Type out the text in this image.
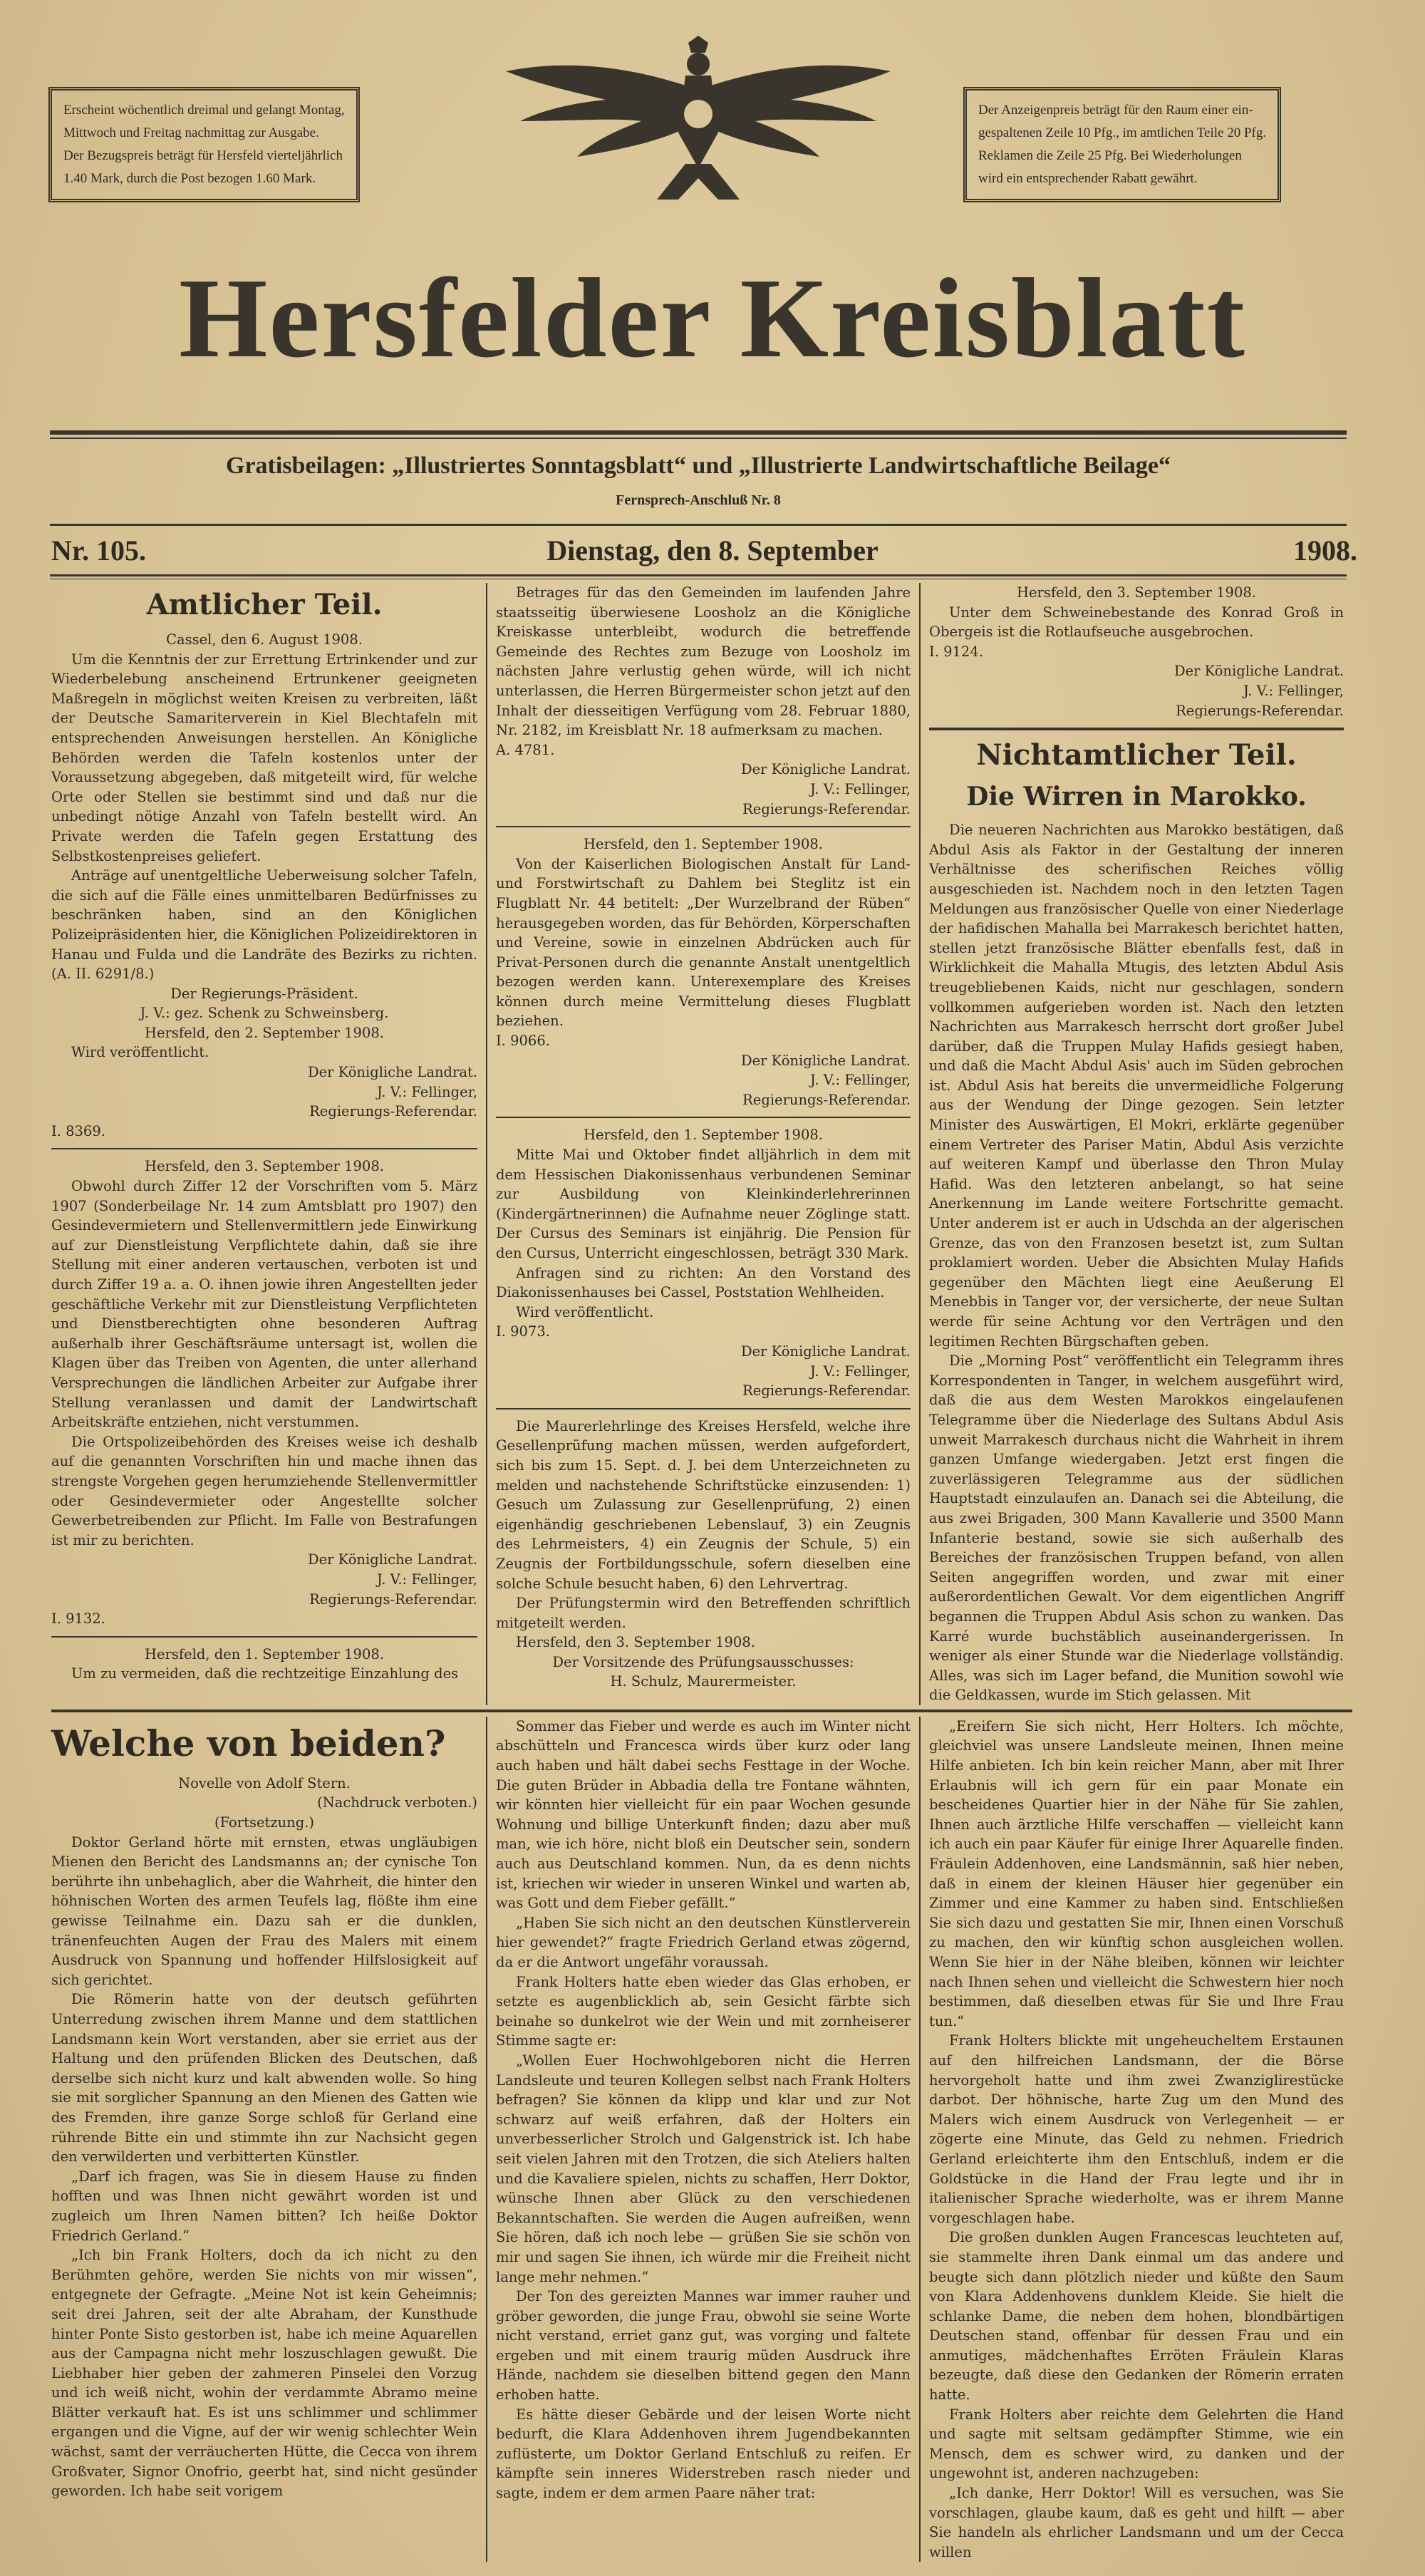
Erscheint wöchentlich dreimal und gelangt Montag,
Mittwoch und Freitag nachmittag zur Ausgabe.
Der Bezugspreis beträgt für Hersfeld vierteljährlich
1.40 Mark, durch die Post bezogen 1.60 Mark.
Der Anzeigenpreis beträgt für den Raum einer ein-
gespaltenen Zeile 10 Pfg., im amtlichen Teile 20 Pfg.
Reklamen die Zeile 25 Pfg. Bei Wiederholungen
wird ein entsprechender Rabatt gewährt.
Hersfelder Kreisblatt
Gratisbeilagen: „Illustriertes Sonntagsblatt“ und „Illustrierte Landwirtschaftliche Beilage“
Fernsprech-Anschluß Nr. 8
Nr. 105.	Dienstag, den 8. September	1908.
Amtlicher Teil.

Cassel, den 6. August 1908.

Um die Kenntnis der zur Errettung Ertrinkender und zur Wiederbelebung anscheinend Ertrunkener geeigneten Maßregeln in möglichst weiten Kreisen zu verbreiten, läßt der Deutsche Samariterverein in Kiel Blechtafeln mit entsprechenden Anweisungen herstellen. An Königliche Behörden werden die Tafeln kostenlos unter der Voraussetzung abgegeben, daß mitgeteilt wird, für welche Orte oder Stellen sie bestimmt sind und daß nur die unbedingt nötige Anzahl von Tafeln bestellt wird. An Private werden die Tafeln gegen Erstattung des Selbstkostenpreises geliefert.

Anträge auf unentgeltliche Ueberweisung solcher Tafeln, die sich auf die Fälle eines unmittelbaren Bedürfnisses zu beschränken haben, sind an den Königlichen Polizeipräsidenten hier, die Königlichen Polizeidirektoren in Hanau und Fulda und die Landräte des Bezirks zu richten. (A. II. 6291/8.)

Der Regierungs-Präsident.

J. V.: gez. Schenk zu Schweinsberg.

Hersfeld, den 2. September 1908.

Wird veröffentlicht.

Der Königliche Landrat.

J. V.: Fellinger,

Regierungs-Referendar.

I. 8369.

Hersfeld, den 3. September 1908.

Obwohl durch Ziffer 12 der Vorschriften vom 5. März 1907 (Sonderbeilage Nr. 14 zum Amtsblatt pro 1907) den Gesindevermietern und Stellenvermittlern jede Einwirkung auf zur Dienstleistung Verpflichtete dahin, daß sie ihre Stellung mit einer anderen vertauschen, verboten ist und durch Ziffer 19 a. a. O. ihnen jowie ihren Angestellten jeder geschäftliche Verkehr mit zur Dienstleistung Verpflichteten und Dienstberechtigten ohne besonderen Auftrag außerhalb ihrer Geschäftsräume untersagt ist, wollen die Klagen über das Treiben von Agenten, die unter allerhand Versprechungen die ländlichen Arbeiter zur Aufgabe ihrer Stellung veranlassen und damit der Landwirtschaft Arbeitskräfte entziehen, nicht verstummen.

Die Ortspolizeibehörden des Kreises weise ich deshalb auf die genannten Vorschriften hin und mache ihnen das strengste Vorgehen gegen herumziehende Stellenvermittler oder Gesindevermieter oder Angestellte solcher Gewerbetreibenden zur Pflicht. Im Falle von Bestrafungen ist mir zu berichten.

Der Königliche Landrat.

J. V.: Fellinger,

Regierungs-Referendar.

I. 9132.

Hersfeld, den 1. September 1908.

Um zu vermeiden, daß die rechtzeitige Einzahlung des

Betrages für das den Gemeinden im laufenden Jahre staatsseitig überwiesene Loosholz an die Königliche Kreiskasse unterbleibt, wodurch die betreffende Gemeinde des Rechtes zum Bezuge von Loosholz im nächsten Jahre verlustig gehen würde, will ich nicht unterlassen, die Herren Bürgermeister schon jetzt auf den Inhalt der diesseitigen Verfügung vom 28. Februar 1880, Nr. 2182, im Kreisblatt Nr. 18 aufmerksam zu machen.

A. 4781.

Der Königliche Landrat.

J. V.: Fellinger,

Regierungs-Referendar.

Hersfeld, den 1. September 1908.

Von der Kaiserlichen Biologischen Anstalt für Land- und Forstwirtschaft zu Dahlem bei Steglitz ist ein Flugblatt Nr. 44 betitelt: „Der Wurzelbrand der Rüben“ herausgegeben worden, das für Behörden, Körperschaften und Vereine, sowie in einzelnen Abdrücken auch für Privat-Personen durch die genannte Anstalt unentgeltlich bezogen werden kann. Unterexemplare des Kreises können durch meine Vermittelung dieses Flugblatt beziehen.

I. 9066.

Der Königliche Landrat.

J. V.: Fellinger,

Regierungs-Referendar.

Hersfeld, den 1. September 1908.

Mitte Mai und Oktober findet alljährlich in dem mit dem Hessischen Diakonissenhaus verbundenen Seminar zur Ausbildung von Kleinkinderlehrerinnen (Kindergärtnerinnen) die Aufnahme neuer Zöglinge statt. Der Cursus des Seminars ist einjährig. Die Pension für den Cursus, Unterricht eingeschlossen, beträgt 330 Mark.

Anfragen sind zu richten: An den Vorstand des Diakonissenhauses bei Cassel, Poststation Wehlheiden.

Wird veröffentlicht.

I. 9073.

Der Königliche Landrat.

J. V.: Fellinger,

Regierungs-Referendar.

Die Maurerlehrlinge des Kreises Hersfeld, welche ihre Gesellenprüfung machen müssen, werden aufgefordert, sich bis zum 15. Sept. d. J. bei dem Unterzeichneten zu melden und nachstehende Schriftstücke einzusenden: 1) Gesuch um Zulassung zur Gesellenprüfung, 2) einen eigenhändig geschriebenen Lebenslauf, 3) ein Zeugnis des Lehrmeisters, 4) ein Zeugnis der Schule, 5) ein Zeugnis der Fortbildungsschule, sofern dieselben eine solche Schule besucht haben, 6) den Lehrvertrag.

Der Prüfungstermin wird den Betreffenden schriftlich mitgeteilt werden.

Hersfeld, den 3. September 1908.

Der Vorsitzende des Prüfungsausschusses:

H. Schulz, Maurermeister.

Hersfeld, den 3. September 1908.

Unter dem Schweinebestande des Konrad Groß in Obergeis ist die Rotlaufseuche ausgebrochen.

I. 9124.

Der Königliche Landrat.

J. V.: Fellinger,

Regierungs-Referendar.

Nichtamtlicher Teil.
Die Wirren in Marokko.

Die neueren Nachrichten aus Marokko bestätigen, daß Abdul Asis als Faktor in der Gestaltung der inneren Verhältnisse des scherifischen Reiches völlig ausgeschieden ist. Nachdem noch in den letzten Tagen Meldungen aus französischer Quelle von einer Niederlage der hafidischen Mahalla bei Marrakesch berichtet hatten, stellen jetzt französische Blätter ebenfalls fest, daß in Wirklichkeit die Mahalla Mtugis, des letzten Abdul Asis treugebliebenen Kaids, nicht nur geschlagen, sondern vollkommen aufgerieben worden ist. Nach den letzten Nachrichten aus Marrakesch herrscht dort großer Jubel darüber, daß die Truppen Mulay Hafids gesiegt haben, und daß die Macht Abdul Asis' auch im Süden gebrochen ist. Abdul Asis hat bereits die unvermeidliche Folgerung aus der Wendung der Dinge gezogen. Sein letzter Minister des Auswärtigen, El Mokri, erklärte gegenüber einem Vertreter des Pariser Matin, Abdul Asis verzichte auf weiteren Kampf und überlasse den Thron Mulay Hafid. Was den letzteren anbelangt, so hat seine Anerkennung im Lande weitere Fortschritte gemacht. Unter anderem ist er auch in Udschda an der algerischen Grenze, das von den Franzosen besetzt ist, zum Sultan proklamiert worden. Ueber die Absichten Mulay Hafids gegenüber den Mächten liegt eine Aeußerung El Menebbis in Tanger vor, der versicherte, der neue Sultan werde für seine Achtung vor den Verträgen und den legitimen Rechten Bürgschaften geben.

Die „Morning Post“ veröffentlicht ein Telegramm ihres Korrespondenten in Tanger, in welchem ausgeführt wird, daß die aus dem Westen Marokkos eingelaufenen Telegramme über die Niederlage des Sultans Abdul Asis unweit Marrakesch durchaus nicht die Wahrheit in ihrem ganzen Umfange wiedergaben. Jetzt erst fingen die zuverlässigeren Telegramme aus der südlichen Hauptstadt einzulaufen an. Danach sei die Abteilung, die aus zwei Brigaden, 300 Mann Kavallerie und 3500 Mann Infanterie bestand, sowie sie sich außerhalb des Bereiches der französischen Truppen befand, von allen Seiten angegriffen worden, und zwar mit einer außerordentlichen Gewalt. Vor dem eigentlichen Angriff begannen die Truppen Abdul Asis schon zu wanken. Das Karré wurde buchstäblich auseinandergerissen. In weniger als einer Stunde war die Niederlage vollständig. Alles, was sich im Lager befand, die Munition sowohl wie die Geldkassen, wurde im Stich gelassen. Mit

Welche von beiden?

Novelle von Adolf Stern.

(Nachdruck verboten.)

(Fortsetzung.)

Doktor Gerland hörte mit ernsten, etwas ungläubigen Mienen den Bericht des Landsmanns an; der cynische Ton berührte ihn unbehaglich, aber die Wahrheit, die hinter den höhnischen Worten des armen Teufels lag, flößte ihm eine gewisse Teilnahme ein. Dazu sah er die dunklen, tränenfeuchten Augen der Frau des Malers mit einem Ausdruck von Spannung und hoffender Hilfslosigkeit auf sich gerichtet.

Die Römerin hatte von der deutsch geführten Unterredung zwischen ihrem Manne und dem stattlichen Landsmann kein Wort verstanden, aber sie erriet aus der Haltung und den prüfenden Blicken des Deutschen, daß derselbe sich nicht kurz und kalt abwenden wolle. So hing sie mit sorglicher Spannung an den Mienen des Gatten wie des Fremden, ihre ganze Sorge schloß für Gerland eine rührende Bitte ein und stimmte ihn zur Nachsicht gegen den verwilderten und verbitterten Künstler.

„Darf ich fragen, was Sie in diesem Hause zu finden hofften und was Ihnen nicht gewährt worden ist und zugleich um Ihren Namen bitten? Ich heiße Doktor Friedrich Gerland.“

„Ich bin Frank Holters, doch da ich nicht zu den Berühmten gehöre, werden Sie nichts von mir wissen“, entgegnete der Gefragte. „Meine Not ist kein Geheimnis; seit drei Jahren, seit der alte Abraham, der Kunsthude hinter Ponte Sisto gestorben ist, habe ich meine Aquarellen aus der Campagna nicht mehr loszuschlagen gewußt. Die Liebhaber hier geben der zahmeren Pinselei den Vorzug und ich weiß nicht, wohin der verdammte Abramo meine Blätter verkauft hat. Es ist uns schlimmer und schlimmer ergangen und die Vigne, auf der wir wenig schlechter Wein wächst, samt der verräucherten Hütte, die Cecca von ihrem Großvater, Signor Onofrio, geerbt hat, sind nicht gesünder geworden. Ich habe seit vorigem

Sommer das Fieber und werde es auch im Winter nicht abschütteln und Francesca wirds über kurz oder lang auch haben und hält dabei sechs Festtage in der Woche. Die guten Brüder in Abbadia della tre Fontane wähnten, wir könnten hier vielleicht für ein paar Wochen gesunde Wohnung und billige Unterkunft finden; dazu aber muß man, wie ich höre, nicht bloß ein Deutscher sein, sondern auch aus Deutschland kommen. Nun, da es denn nichts ist, kriechen wir wieder in unseren Winkel und warten ab, was Gott und dem Fieber gefällt.“

„Haben Sie sich nicht an den deutschen Künstlerverein hier gewendet?“ fragte Friedrich Gerland etwas zögernd, da er die Antwort ungefähr voraussah.

Frank Holters hatte eben wieder das Glas erhoben, er setzte es augenblicklich ab, sein Gesicht färbte sich beinahe so dunkelrot wie der Wein und mit zornheiserer Stimme sagte er:

„Wollen Euer Hochwohlgeboren nicht die Herren Landsleute und teuren Kollegen selbst nach Frank Holters befragen? Sie können da klipp und klar und zur Not schwarz auf weiß erfahren, daß der Holters ein unverbesserlicher Strolch und Galgenstrick ist. Ich habe seit vielen Jahren mit den Trotzen, die sich Ateliers halten und die Kavaliere spielen, nichts zu schaffen, Herr Doktor, wünsche Ihnen aber Glück zu den verschiedenen Bekanntschaften. Sie werden die Augen aufreißen, wenn Sie hören, daß ich noch lebe — grüßen Sie sie schön von mir und sagen Sie ihnen, ich würde mir die Freiheit nicht lange mehr nehmen.“

Der Ton des gereizten Mannes war immer rauher und gröber geworden, die junge Frau, obwohl sie seine Worte nicht verstand, erriet ganz gut, was vorging und faltete ergeben und mit einem traurig müden Ausdruck ihre Hände, nachdem sie dieselben bittend gegen den Mann erhoben hatte.

Es hätte dieser Gebärde und der leisen Worte nicht bedurft, die Klara Addenhoven ihrem Jugendbekannten zuflüsterte, um Doktor Gerland Entschluß zu reifen. Er kämpfte sein inneres Widerstreben rasch nieder und sagte, indem er dem armen Paare näher trat:

„Ereifern Sie sich nicht, Herr Holters. Ich möchte, gleichviel was unsere Landsleute meinen, Ihnen meine Hilfe anbieten. Ich bin kein reicher Mann, aber mit Ihrer Erlaubnis will ich gern für ein paar Monate ein bescheidenes Quartier hier in der Nähe für Sie zahlen, Ihnen auch ärztliche Hilfe verschaffen — vielleicht kann ich auch ein paar Käufer für einige Ihrer Aquarelle finden. Fräulein Addenhoven, eine Landsmännin, saß hier neben, daß in einem der kleinen Häuser hier gegenüber ein Zimmer und eine Kammer zu haben sind. Entschließen Sie sich dazu und gestatten Sie mir, Ihnen einen Vorschuß zu machen, den wir künftig schon ausgleichen wollen. Wenn Sie hier in der Nähe bleiben, können wir leichter nach Ihnen sehen und vielleicht die Schwestern hier noch bestimmen, daß dieselben etwas für Sie und Ihre Frau tun.“

Frank Holters blickte mit ungeheucheltem Erstaunen auf den hilfreichen Landsmann, der die Börse hervorgeholt hatte und ihm zwei Zwanziglirestücke darbot. Der höhnische, harte Zug um den Mund des Malers wich einem Ausdruck von Verlegenheit — er zögerte eine Minute, das Geld zu nehmen. Friedrich Gerland erleichterte ihm den Entschluß, indem er die Goldstücke in die Hand der Frau legte und ihr in italienischer Sprache wiederholte, was er ihrem Manne vorgeschlagen habe.

Die großen dunklen Augen Francescas leuchteten auf, sie stammelte ihren Dank einmal um das andere und beugte sich dann plötzlich nieder und küßte den Saum von Klara Addenhovens dunklem Kleide. Sie hielt die schlanke Dame, die neben dem hohen, blondbärtigen Deutschen stand, offenbar für dessen Frau und ein anmutiges, mädchenhaftes Erröten Fräulein Klaras bezeugte, daß diese den Gedanken der Römerin erraten hatte.

Frank Holters aber reichte dem Gelehrten die Hand und sagte mit seltsam gedämpfter Stimme, wie ein Mensch, dem es schwer wird, zu danken und der ungewohnt ist, anderen nachzugeben:

„Ich danke, Herr Doktor! Will es versuchen, was Sie vorschlagen, glaube kaum, daß es geht und hilft — aber Sie handeln als ehrlicher Landsmann und um der Cecca willen
